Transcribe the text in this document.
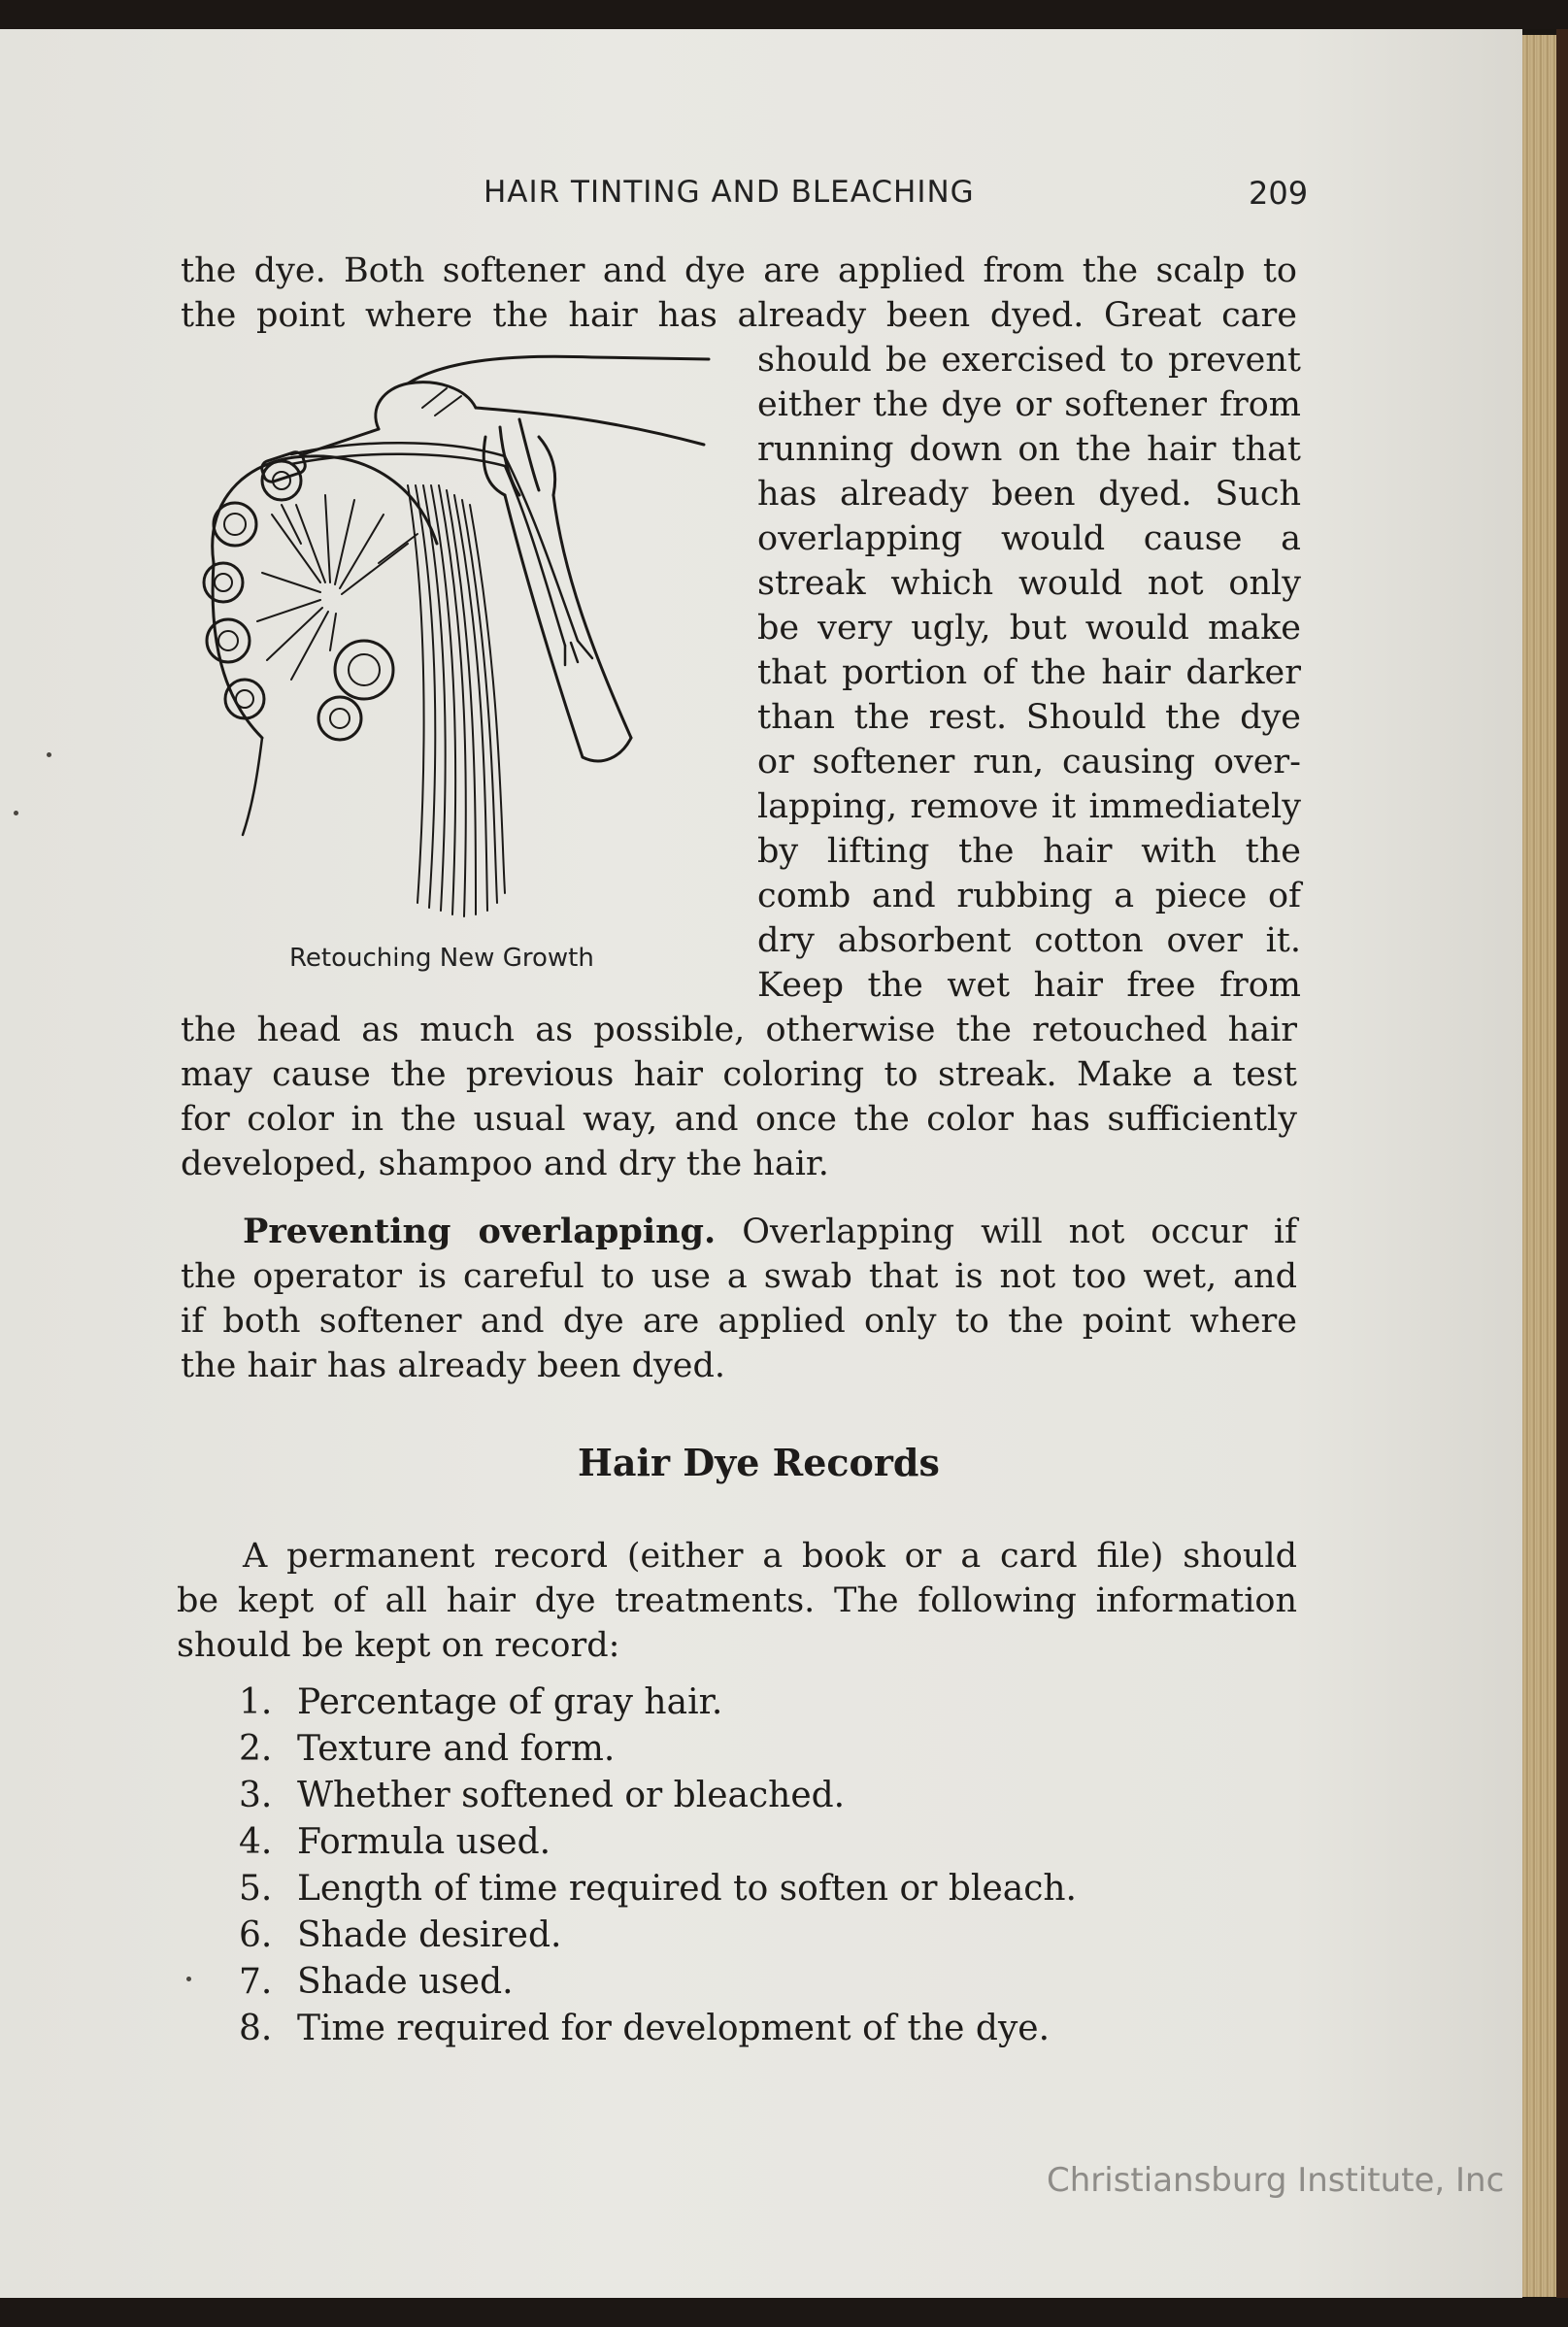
HAIR TINTING AND BLEACHING	209
the dye. Both softener and dye are applied from the scalp to
the point where the hair has already been dyed. Great care
should be exercised to prevent
either the dye or softener from
running down on the hair that
has already been dyed. Such
overlapping would cause a
streak which would not only
be very ugly, but would make
that portion of the hair darker
than the rest. Should the dye
or softener run, causing over-
lapping, remove it immediately
by lifting the hair with the
comb and rubbing a piece of
dry absorbent cotton over it.
Keep the wet hair free from
the head as much as possible, otherwise the retouched hair
may cause the previous hair coloring to streak. Make a test
for color in the usual way, and once the color has sufficiently
developed, shampoo and dry the hair.
Retouching New Growth
Preventing overlapping. Overlapping will not occur if
the operator is careful to use a swab that is not too wet, and
if both softener and dye are applied only to the point where
the hair has already been dyed.
Hair Dye Records
A permanent record (either a book or a card file) should
be kept of all hair dye treatments. The following information
should be kept on record:
1. Percentage of gray hair.
2. Texture and form.
3. Whether softened or bleached.
4. Formula used.
5. Length of time required to soften or bleach.
6. Shade desired.
7. Shade used.
8. Time required for development of the dye.
Christiansburg Institute, Inc
